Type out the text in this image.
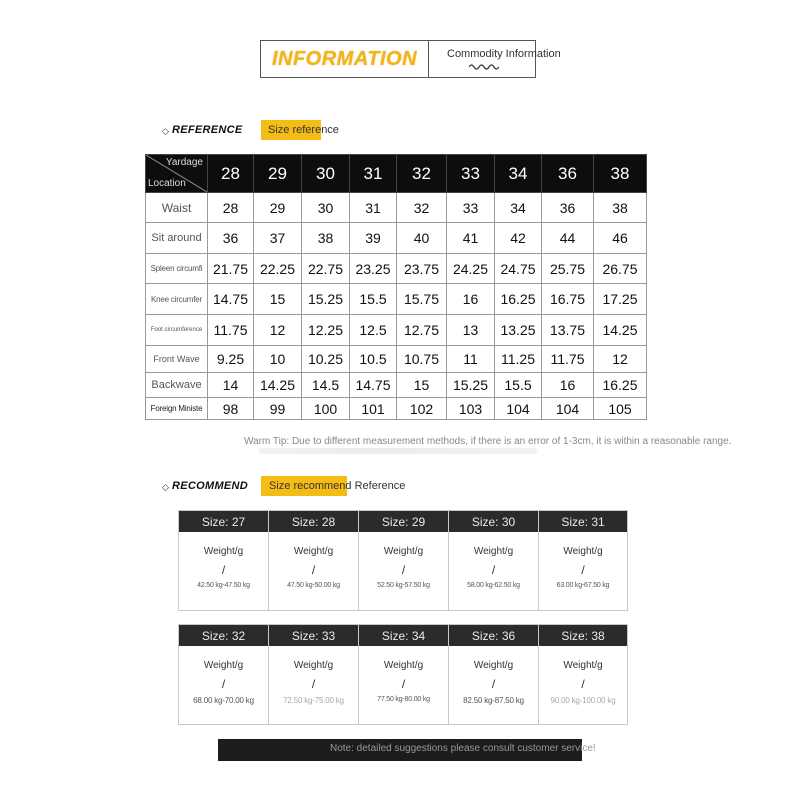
INFORMATION	Commodity Information
◇ REFERENCE Size reference
Yardage
Location	28	29	30	31	32	33	34	36	38
Waist	28	29	30	31	32	33	34	36	38
Sit around	36	37	38	39	40	41	42	44	46
Spleen circumfi	21.75	22.25	22.75	23.25	23.75	24.25	24.75	25.75	26.75
Knee circumfer	14.75	15	15.25	15.5	15.75	16	16.25	16.75	17.25
Foot circumference	11.75	12	12.25	12.5	12.75	13	13.25	13.75	14.25
Front Wave	9.25	10	10.25	10.5	10.75	11	11.25	11.75	12
Backwave	14	14.25	14.5	14.75	15	15.25	15.5	16	16.25
Foreign Ministe	98	99	100	101	102	103	104	104	105
Warm Tip: Due to different measurement methods, if there is an error of 1-3cm, it is within a reasonable range.
◇ RECOMMEND Size recommend Reference
Size: 27
Weight/g
/
42.50 kg-47.50 kg
Size: 28
Weight/g
/
47.50 kg-50.00 kg
Size: 29
Weight/g
/
52.50 kg-57.50 kg
Size: 30
Weight/g
/
58.00 kg-62.50 kg
Size: 31
Weight/g
/
63.00 kg-67.50 kg
Size: 32
Weight/g
/
68.00 kg-70.00 kg
Size: 33
Weight/g
/
72.50 kg-75.00 kg
Size: 34
Weight/g
/
77.50 kg-80.00 kg
Size: 36
Weight/g
/
82.50 kg-87.50 kg
Size: 38
Weight/g
/
90.00 kg-100.00 kg
Note: detailed suggestions please consult customer service!
